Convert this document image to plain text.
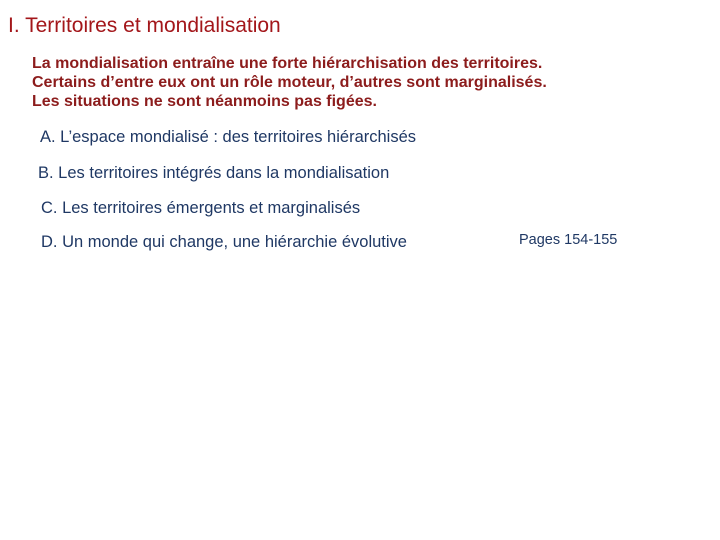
I. Territoires et mondialisation
La mondialisation entraîne une forte hiérarchisation des territoires.
Certains d’entre eux ont un rôle moteur, d’autres sont marginalisés.
Les situations ne sont néanmoins pas figées.
A. L’espace mondialisé : des territoires hiérarchisés
B. Les territoires intégrés dans la mondialisation
C. Les territoires émergents et marginalisés
D. Un monde qui change, une hiérarchie évolutive	Pages 154-155
